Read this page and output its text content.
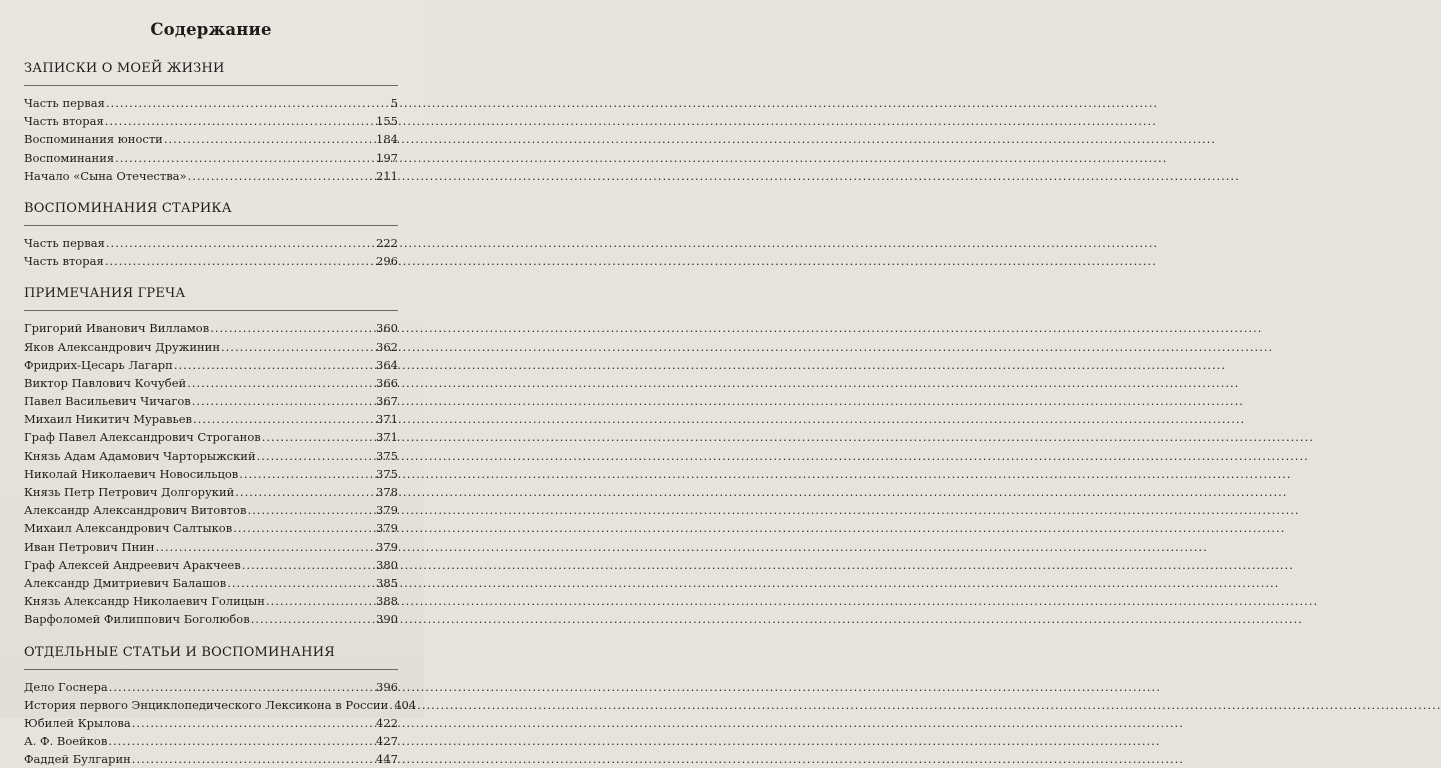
Содержание
ЗАПИСКИ О МОЕЙ ЖИЗНИ
Часть первая .....	5
Часть вторая .....	155
Воспоминания юности .....	184
Воспоминания .....	197
Начало «Сына Отечества» .....	211
ВОСПОМИНАНИЯ СТАРИКА
Часть первая .....	222
Часть вторая .....	296
ПРИМЕЧАНИЯ ГРЕЧА
Григорий Иванович Вилламов .....	360
Яков Александрович Дружинин .....	362
Фридрих-Цесарь Лагарп .....	364
Виктор Павлович Кочубей .....	366
Павел Васильевич Чичагов .....	367
Михаил Никитич Муравьев .....	371
Граф Павел Александрович Строганов .....	371
Князь Адам Адамович Чарторыжский .....	375
Николай Николаевич Новосильцов .....	375
Князь Петр Петрович Долгорукий .....	378
Александр Александрович Витовтов .....	379
Михаил Александрович Салтыков .....	379
Иван Петрович Пнин .....	379
Граф Алексей Андреевич Аракчеев .....	380
Александр Дмитриевич Балашов .....	385
Князь Александр Николаевич Голицын .....	388
Варфоломей Филиппович Боголюбов .....	390
ОТДЕЛЬНЫЕ СТАТЬИ И ВОСПОМИНАНИЯ
Дело Госнера .....	396
История первого Энциклопедического Лексикона в России ..... 404
Юбилей Крылова .....	422
А. Ф. Воейков .....	427
Фаддей Булгарин .....	447
